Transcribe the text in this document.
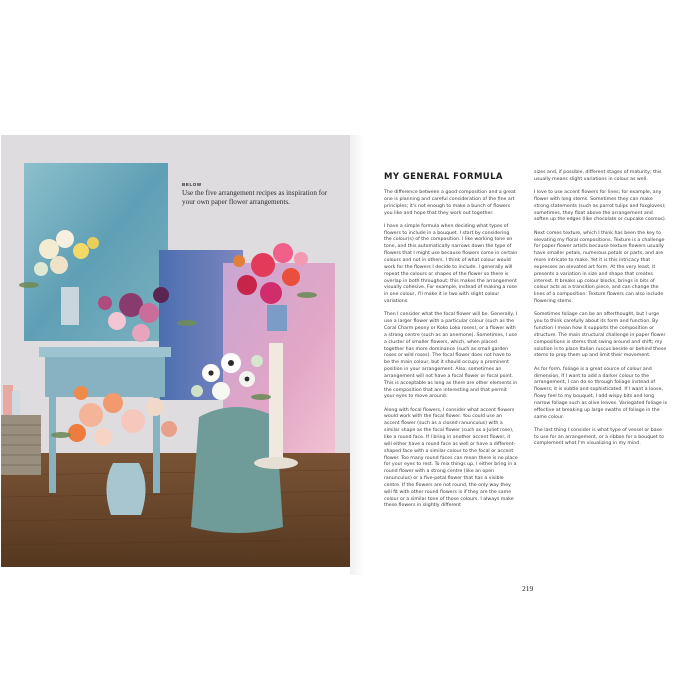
BELOW
Use the five arrangement recipes as inspiration for your own paper flower arrangements.
MY GENERAL FORMULA

The difference between a good composition and a great one is planning and careful consideration of the fine art principles; it's not enough to make a bunch of flowers you like and hope that they work out together.

I have a simple formula when deciding what types of flowers to include in a bouquet. I start by considering the colour(s) of the composition. I like working tone on tone, and this automatically narrows down the type of flowers that I might use because flowers come in certain colours and not in others. I think of what colour would work for the flowers I decide to include. I generally will repeat the colours or shapes of the flower so there is overlap in both throughout; this makes the arrangement visually cohesive. For example, instead of making a rose in one colour, I'll make it in two with slight colour variations.

Then I consider what the focal flower will be. Generally, I use a larger flower with a particular colour (such as the Coral Charm peony or Koko Loko roses), or a flower with a strong centre (such as an anemone). Sometimes, I use a cluster of smaller flowers, which, when placed together has more dominance (such as small garden roses or wild roses). The focal flower does not have to be the main colour, but it should occupy a prominent position in your arrangement. Also, sometimes an arrangement will not have a focal flower or focal point. This is acceptable as long as there are other elements in the composition that are interesting and that permit your eyes to move around.

Along with focal flowers, I consider what accent flowers would work with the focal flower. You could use an accent flower (such as a closed ranunculus) with a similar shape as the focal flower (such as a Juliet rose), like a round face. If I bring in another accent flower, it will either have a round face as well or have a different-shaped face with a similar colour to the focal or accent flower. Too many round faces can mean there is no place for your eyes to rest. To mix things up, I either bring in a round flower with a strong centre (like an open ranunculus) or a five-petal flower that has a visible centre. If the flowers are not round, the only way they will fit with other round flowers is if they are the same colour or a similar tone of those colours. I always make these flowers in slightly different

sizes and, if possible, different stages of maturity; this usually means slight variations in colour as well.

I love to use accent flowers for lines; for example, any flower with long stems. Sometimes they can make strong statements (such as parrot tulips and foxgloves); sometimes, they float above the arrangement and soften up the edges (like chocolate or cupcake cosmos).

Next comes texture, which I think has been the key to elevating my floral compositions. Texture is a challenge for paper flower artists because texture flowers usually have smaller petals, numerous petals or parts, and are more intricate to make. Yet it is this intricacy that expresses an elevated art form. At the very least, it presents a variation in size and shape that creates interest. It breaks up colour blocks, brings in bits of colour acts as a transition piece, and can change the lines of a composition. Texture flowers can also include flowering stems.

Sometimes foliage can be an afterthought, but I urge you to think carefully about its form and function. By function I mean how it supports the composition or structure. The main structural challenge in paper flower compositions is stems that swing around and shift; my solution is to place Italian ruscus beside or behind these stems to prop them up and limit their movement.

As for form, foliage is a great source of colour and dimension. If I want to add a darker colour to the arrangement, I can do so through foliage instead of flowers; it is subtle and sophisticated. If I want a loose, flowy feel to my bouquet, I add wispy bits and long narrow foliage such as olive leaves. Variegated foliage is effective at breaking up large swaths of foliage in the same colour.

The last thing I consider is what type of vessel or base to use for an arrangement, or a ribbon for a bouquet to complement what I'm visualizing in my mind.

219
